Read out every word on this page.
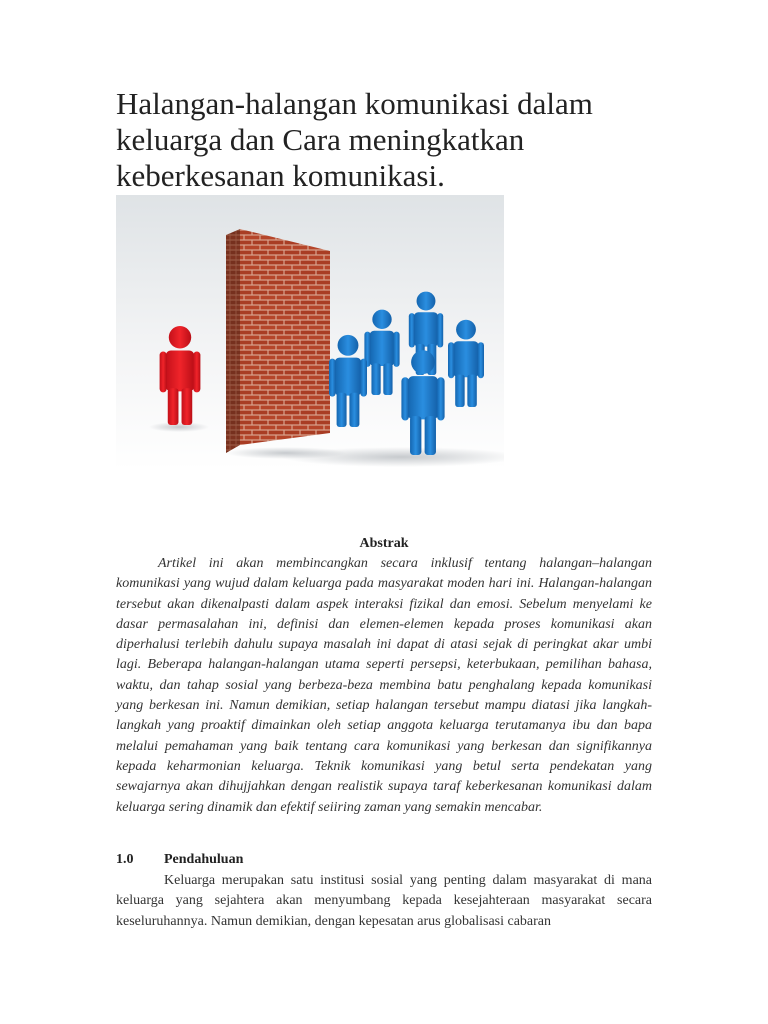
Halangan-halangan komunikasi dalam keluarga dan Cara meningkatkan keberkesanan komunikasi.
Abstrak

Artikel ini akan membincangkan secara inklusif tentang halangan–halangan komunikasi yang wujud dalam keluarga pada masyarakat moden hari ini. Halangan-halangan tersebut akan dikenalpasti dalam aspek interaksi fizikal dan emosi. Sebelum menyelami ke dasar permasalahan ini, definisi dan elemen-elemen kepada proses komunikasi akan diperhalusi terlebih dahulu supaya masalah ini dapat di atasi sejak di peringkat akar umbi lagi. Beberapa halangan-halangan utama seperti persepsi, keterbukaan, pemilihan bahasa, waktu, dan tahap sosial yang berbeza-beza membina batu penghalang kepada komunikasi yang berkesan ini. Namun demikian, setiap halangan tersebut mampu diatasi jika langkah-langkah yang proaktif dimainkan oleh setiap anggota keluarga terutamanya ibu dan bapa melalui pemahaman yang baik tentang cara komunikasi yang berkesan dan signifikannya kepada keharmonian keluarga. Teknik komunikasi yang betul serta pendekatan yang sewajarnya akan dihujjahkan dengan realistik supaya taraf keberkesanan komunikasi dalam keluarga sering dinamik dan efektif seiiring zaman yang semakin mencabar.

1.0 Pendahuluan

Keluarga merupakan satu institusi sosial yang penting dalam masyarakat di mana keluarga yang sejahtera akan menyumbang kepada kesejahteraan masyarakat secara keseluruhannya. Namun demikian, dengan kepesatan arus globalisasi cabaran
